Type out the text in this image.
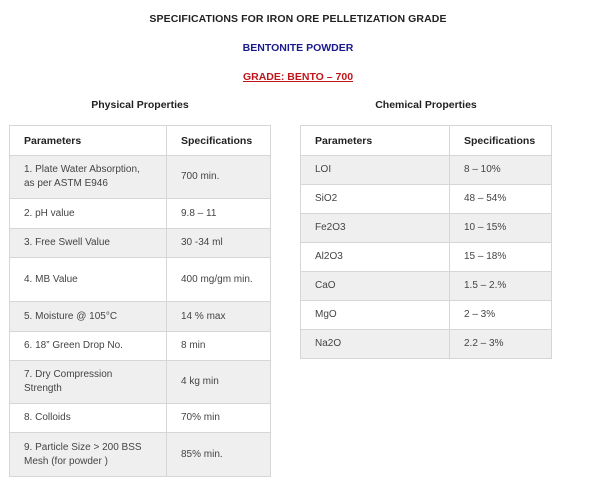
SPECIFICATIONS FOR IRON ORE PELLETIZATION GRADE
BENTONITE POWDER
GRADE: BENTO – 700
Physical Properties	Chemical Properties
Parameters	Specifications
1. Plate Water Absorption, as per ASTM E946	700 min.
2. pH value	9.8 – 11
3. Free Swell Value	30 -34 ml
4. MB Value	400 mg/gm min.
5. Moisture @ 105°C	14 % max
6. 18” Green Drop No.	8 min
7. Dry Compression Strength	4 kg min
8. Colloids	70% min
9. Particle Size > 200 BSS Mesh (for powder )	85% min.
Parameters	Specifications
LOI	8 – 10%
SiO2	48 – 54%
Fe2O3	10 – 15%
Al2O3	15 – 18%
CaO	1.5 – 2.%
MgO	2 – 3%
Na2O	2.2 – 3%
